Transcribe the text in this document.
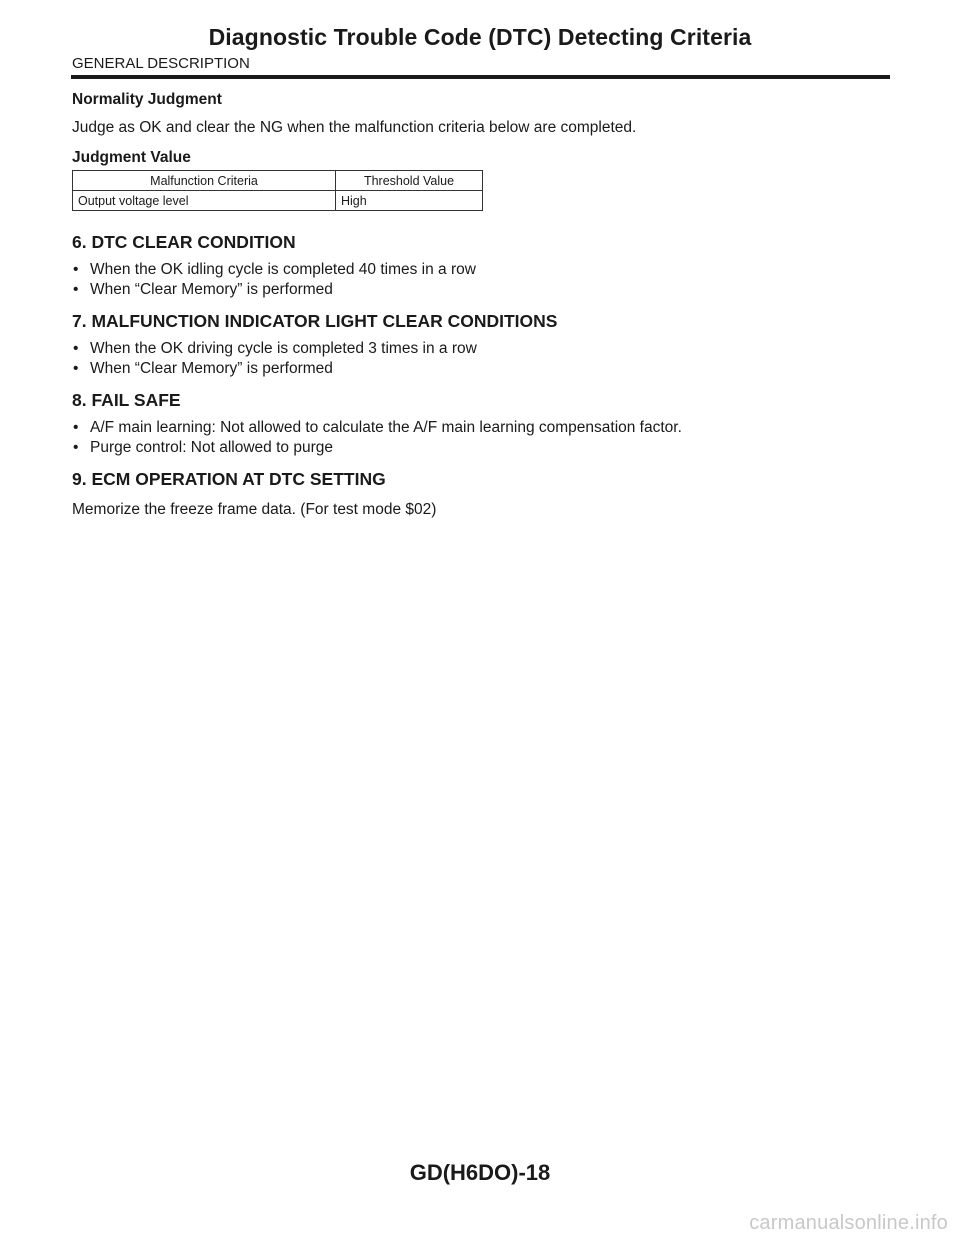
Diagnostic Trouble Code (DTC) Detecting Criteria
GENERAL DESCRIPTION

Normality Judgment

Judge as OK and clear the NG when the malfunction criteria below are completed.

Judgment Value

Malfunction Criteria	Threshold Value
Output voltage level	High
6. DTC CLEAR CONDITION
• When the OK idling cycle is completed 40 times in a row
• When “Clear Memory” is performed
7. MALFUNCTION INDICATOR LIGHT CLEAR CONDITIONS
• When the OK driving cycle is completed 3 times in a row
• When “Clear Memory” is performed
8. FAIL SAFE
• A/F main learning: Not allowed to calculate the A/F main learning compensation factor.
• Purge control: Not allowed to purge
9. ECM OPERATION AT DTC SETTING

Memorize the freeze frame data. (For test mode $02)

GD(H6DO)-18
carmanualsonline.info
